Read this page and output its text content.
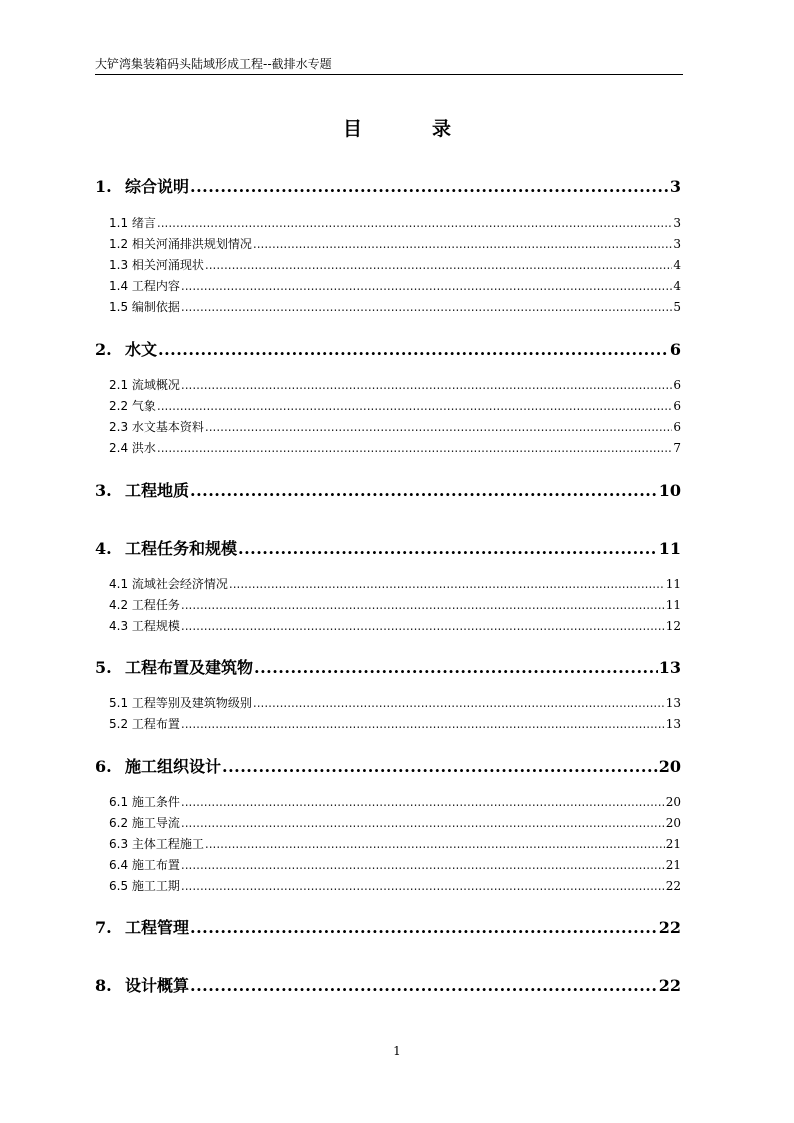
大铲湾集装箱码头陆域形成工程--截排水专题
目	录
1. 综合说明 .....	3
1.1 绪言 .....	3
1.2 相关河涌排洪规划情况 .....	3
1.3 相关河涌现状 .....	4
1.4 工程内容 .....	4
1.5 编制依据 .....	5
2. 水文 .....	6
2.1 流域概况 .....	6
2.2 气象 .....	6
2.3 水文基本资料 .....	6
2.4 洪水 .....	7
3. 工程地质 .....	10
4. 工程任务和规模 .....	11
4.1 流域社会经济情况 .....	11
4.2 工程任务 .....	11
4.3 工程规模 .....	12
5. 工程布置及建筑物 .....	13
5.1 工程等别及建筑物级别 .....	13
5.2 工程布置 .....	13
6. 施工组织设计 .....	20
6.1 施工条件 .....	20
6.2 施工导流 .....	20
6.3 主体工程施工 .....	21
6.4 施工布置 .....	21
6.5 施工工期 .....	22
7. 工程管理 .....	22
8. 设计概算 .....	22
1
